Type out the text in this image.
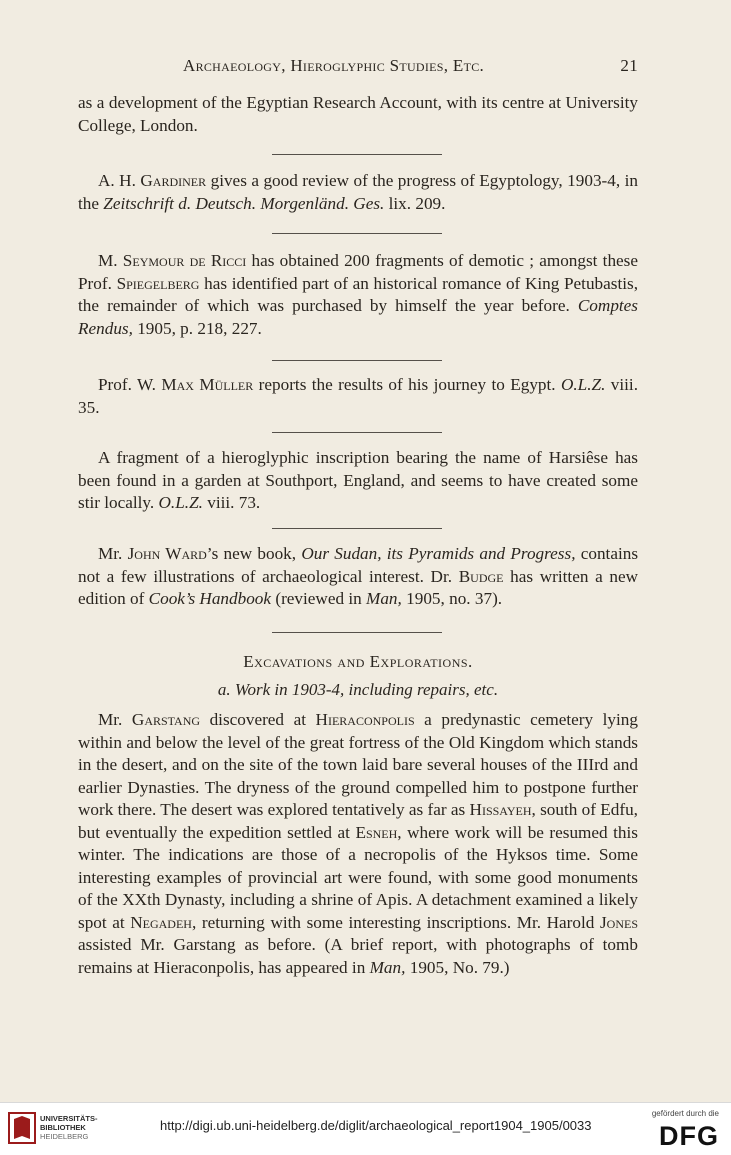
Archaeology, Hieroglyphic Studies, Etc.	21

as a development of the Egyptian Research Account, with its centre at University College, London.

A. H. Gardiner gives a good review of the progress of Egyptology, 1903-4, in the Zeitschrift d. Deutsch. Morgenländ. Ges. lix. 209.

M. Seymour de Ricci has obtained 200 fragments of demotic ; amongst these Prof. Spiegelberg has identified part of an historical romance of King Petubastis, the remainder of which was purchased by himself the year before. Comptes Rendus, 1905, p. 218, 227.

Prof. W. Max Müller reports the results of his journey to Egypt. O.L.Z. viii. 35.

A fragment of a hieroglyphic inscription bearing the name of Harsiêse has been found in a garden at Southport, England, and seems to have created some stir locally. O.L.Z. viii. 73.

Mr. John Ward’s new book, Our Sudan, its Pyramids and Progress, contains not a few illustrations of archaeological interest. Dr. Budge has written a new edition of Cook’s Handbook (reviewed in Man, 1905, no. 37).

Excavations and Explorations.
a. Work in 1903-4, including repairs, etc.

Mr. Garstang discovered at Hieraconpolis a predynastic cemetery lying within and below the level of the great fortress of the Old Kingdom which stands in the desert, and on the site of the town laid bare several houses of the IIIrd and earlier Dynasties. The dryness of the ground compelled him to postpone further work there. The desert was explored tentatively as far as Hissayeh, south of Edfu, but eventually the expedition settled at Esneh, where work will be resumed this winter. The indications are those of a necropolis of the Hyksos time. Some interesting examples of provincial art were found, with some good monuments of the XXth Dynasty, including a shrine of Apis. A detachment examined a likely spot at Negadeh, returning with some interesting inscriptions. Mr. Harold Jones assisted Mr. Garstang as before. (A brief report, with photographs of tomb remains at Hieraconpolis, has appeared in Man, 1905, No. 79.)

UNIVERSITÄTS-
BIBLIOTHEK
HEIDELBERG
http://digi.ub.uni-heidelberg.de/diglit/archaeological_report1904_1905/0033
gefördert durch die
DFG
